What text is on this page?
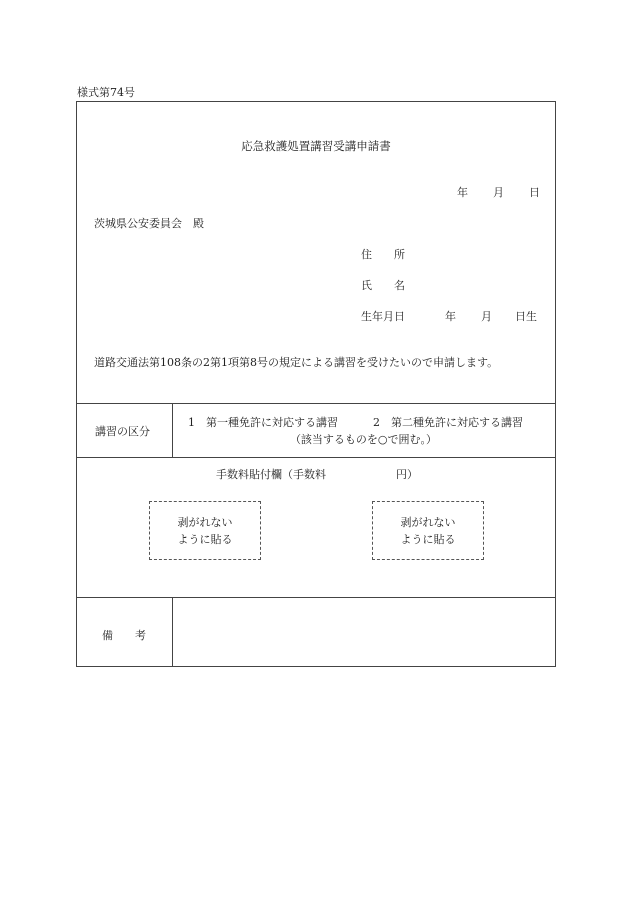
様式第74号
応急救護処置講習受講申請書
年 月 日
茨城県公安委員会　殿
住　　所
氏　　名
生年月日	年 月 日生
道路交通法第108条の2第1項第8号の規定による講習を受けたいので申請します。
講習の区分
1　第一種免許に対応する講習	2　第二種免許に対応する講習
（該当するものを○で囲む。）
手数料貼付欄（手数料	円）
剥がれない
ように貼る
剥がれない
ように貼る
備　　考
